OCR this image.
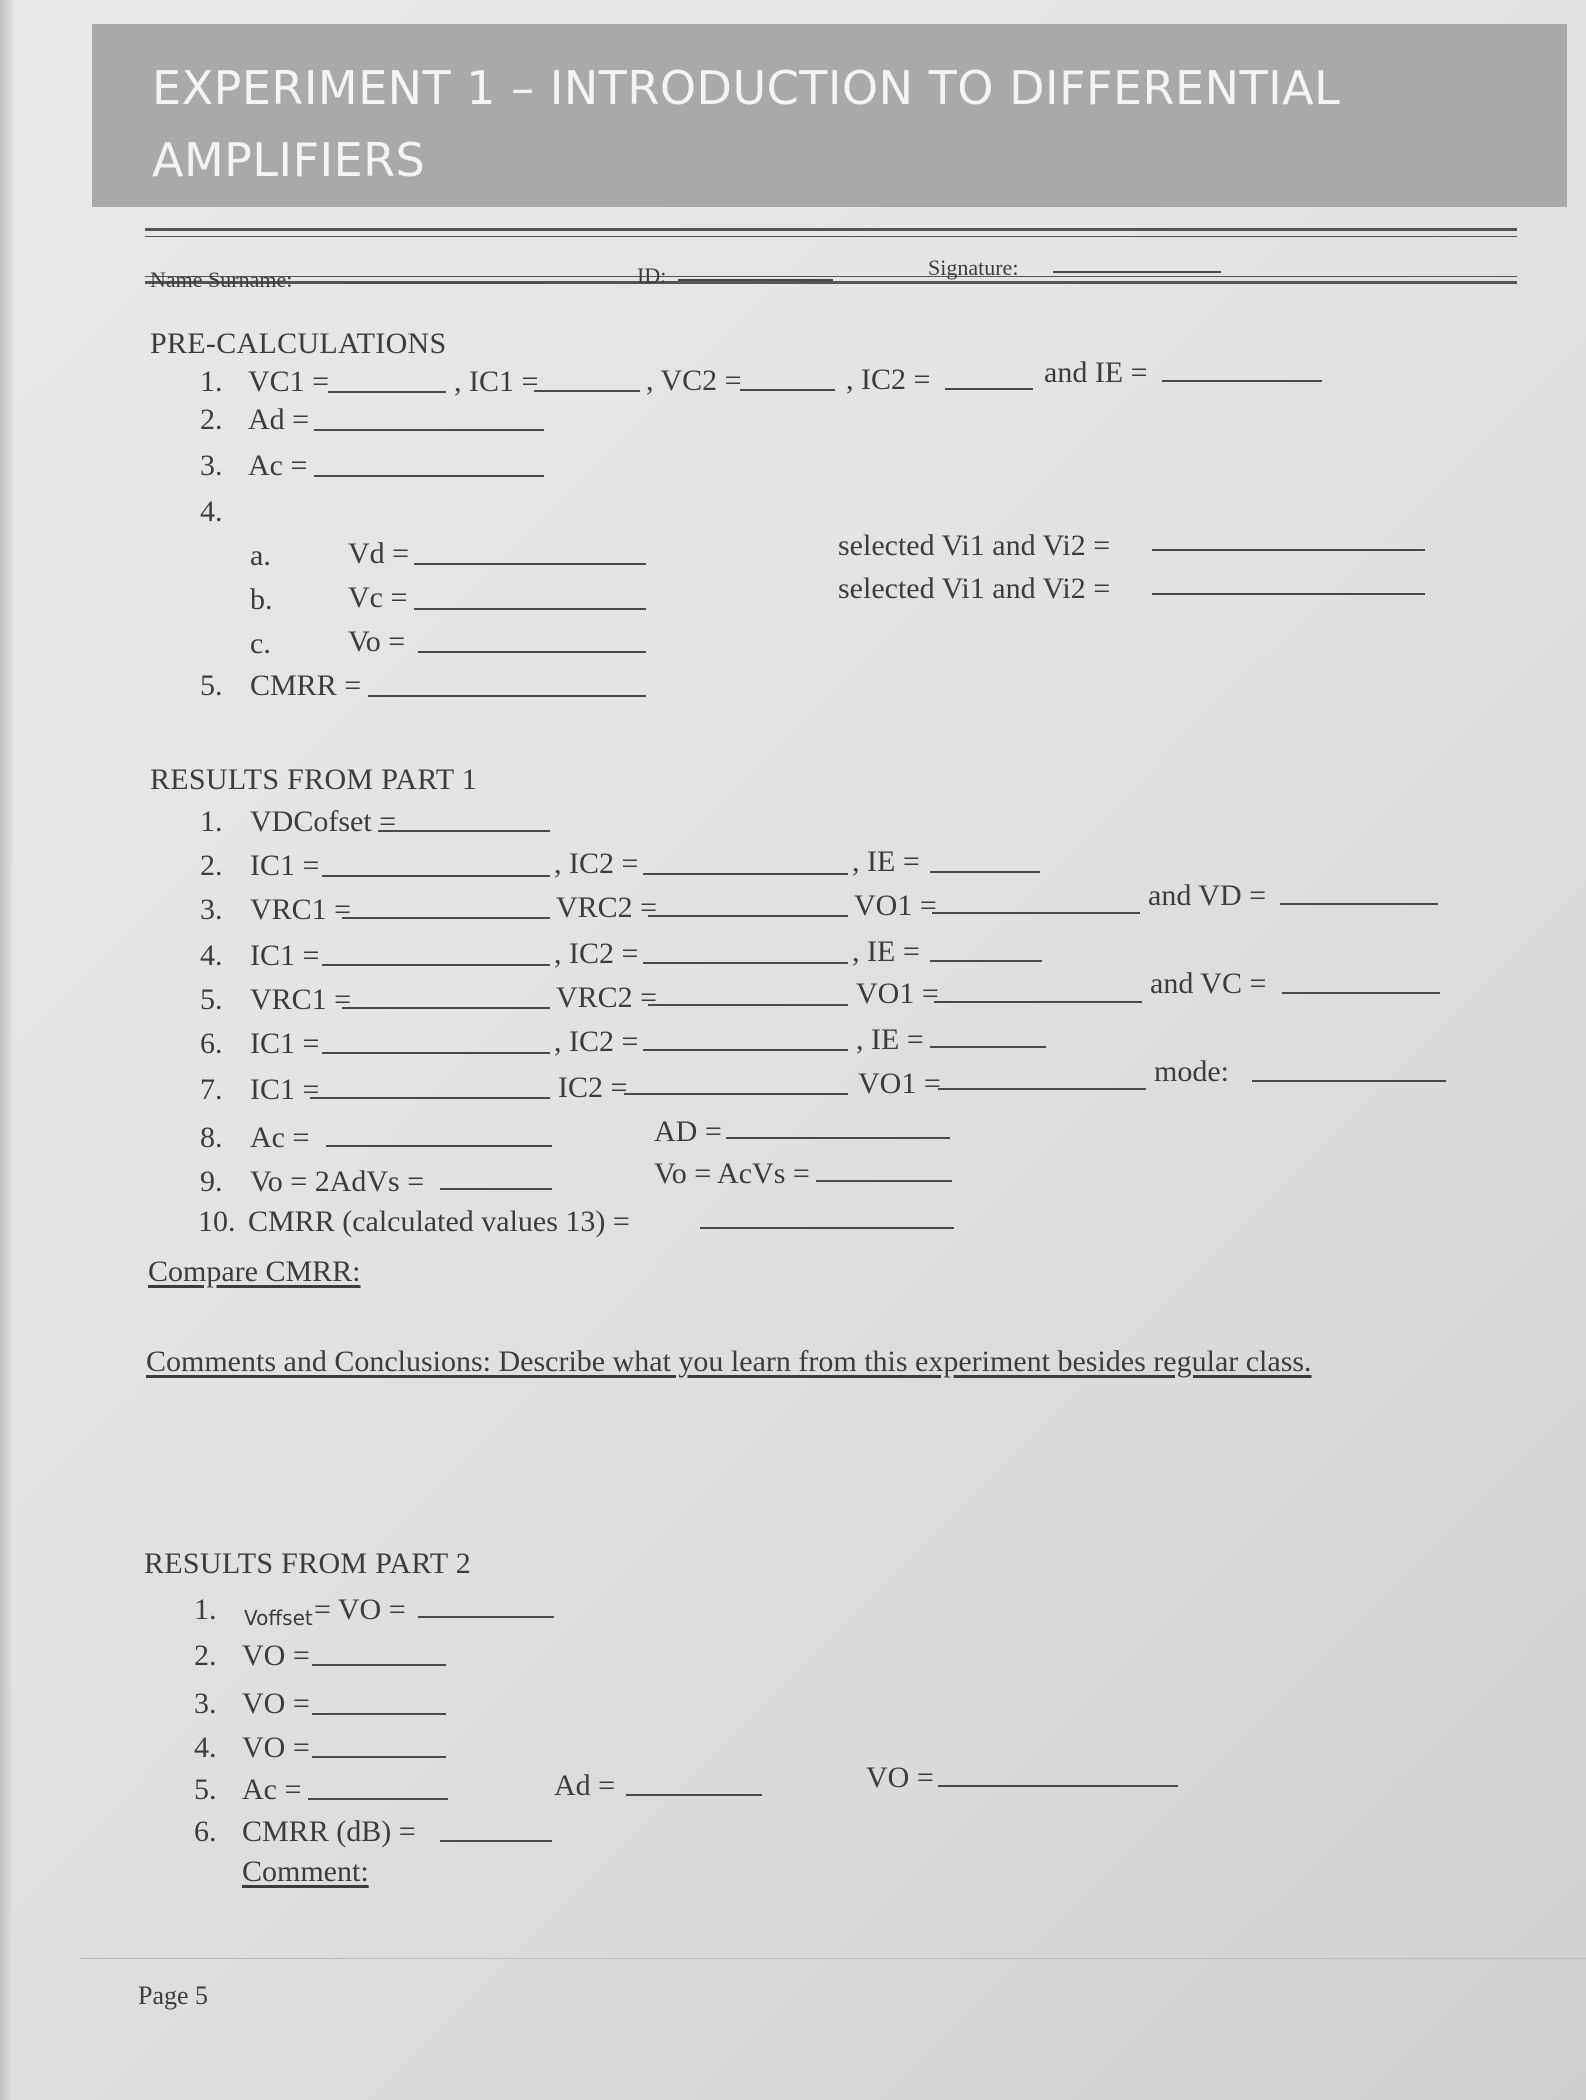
EXPERIMENT 1 – INTRODUCTION TO DIFFERENTIAL AMPLIFIERS
Name Surname:	ID:	Signature:
PRE-CALCULATIONS
1. VC1 =	, IC1 =	, VC2 =	, IC2 =	and IE =
2. Ad =
3. Ac =
4.
a.	Vd =	selected Vi1 and Vi2 =
b.	Vc =	selected Vi1 and Vi2 =
c.	Vo =
5. CMRR =
RESULTS FROM PART 1
1. VDCofset =
2. IC1 =	, IC2 =	, IE =
3. VRC1 =	VRC2 =	VO1 =	and VD =
4. IC1 =	, IC2 =	, IE =
5. VRC1 =	VRC2 =	VO1 =	and VC =
6. IC1 =	, IC2 =	, IE =
7. IC1 =	IC2 =	VO1 =	mode:
8. Ac =	AD =
9. Vo = 2AdVs =	Vo = AcVs =
10. CMRR (calculated values 13) =
Compare CMRR:
Comments and Conclusions: Describe what you learn from this experiment besides regular class.
RESULTS FROM PART 2
1. Voffset = VO =
2. VO =
3. VO =
4. VO =
5. Ac =	Ad =	VO =
6. CMRR (dB) =
Comment:
Page 5
